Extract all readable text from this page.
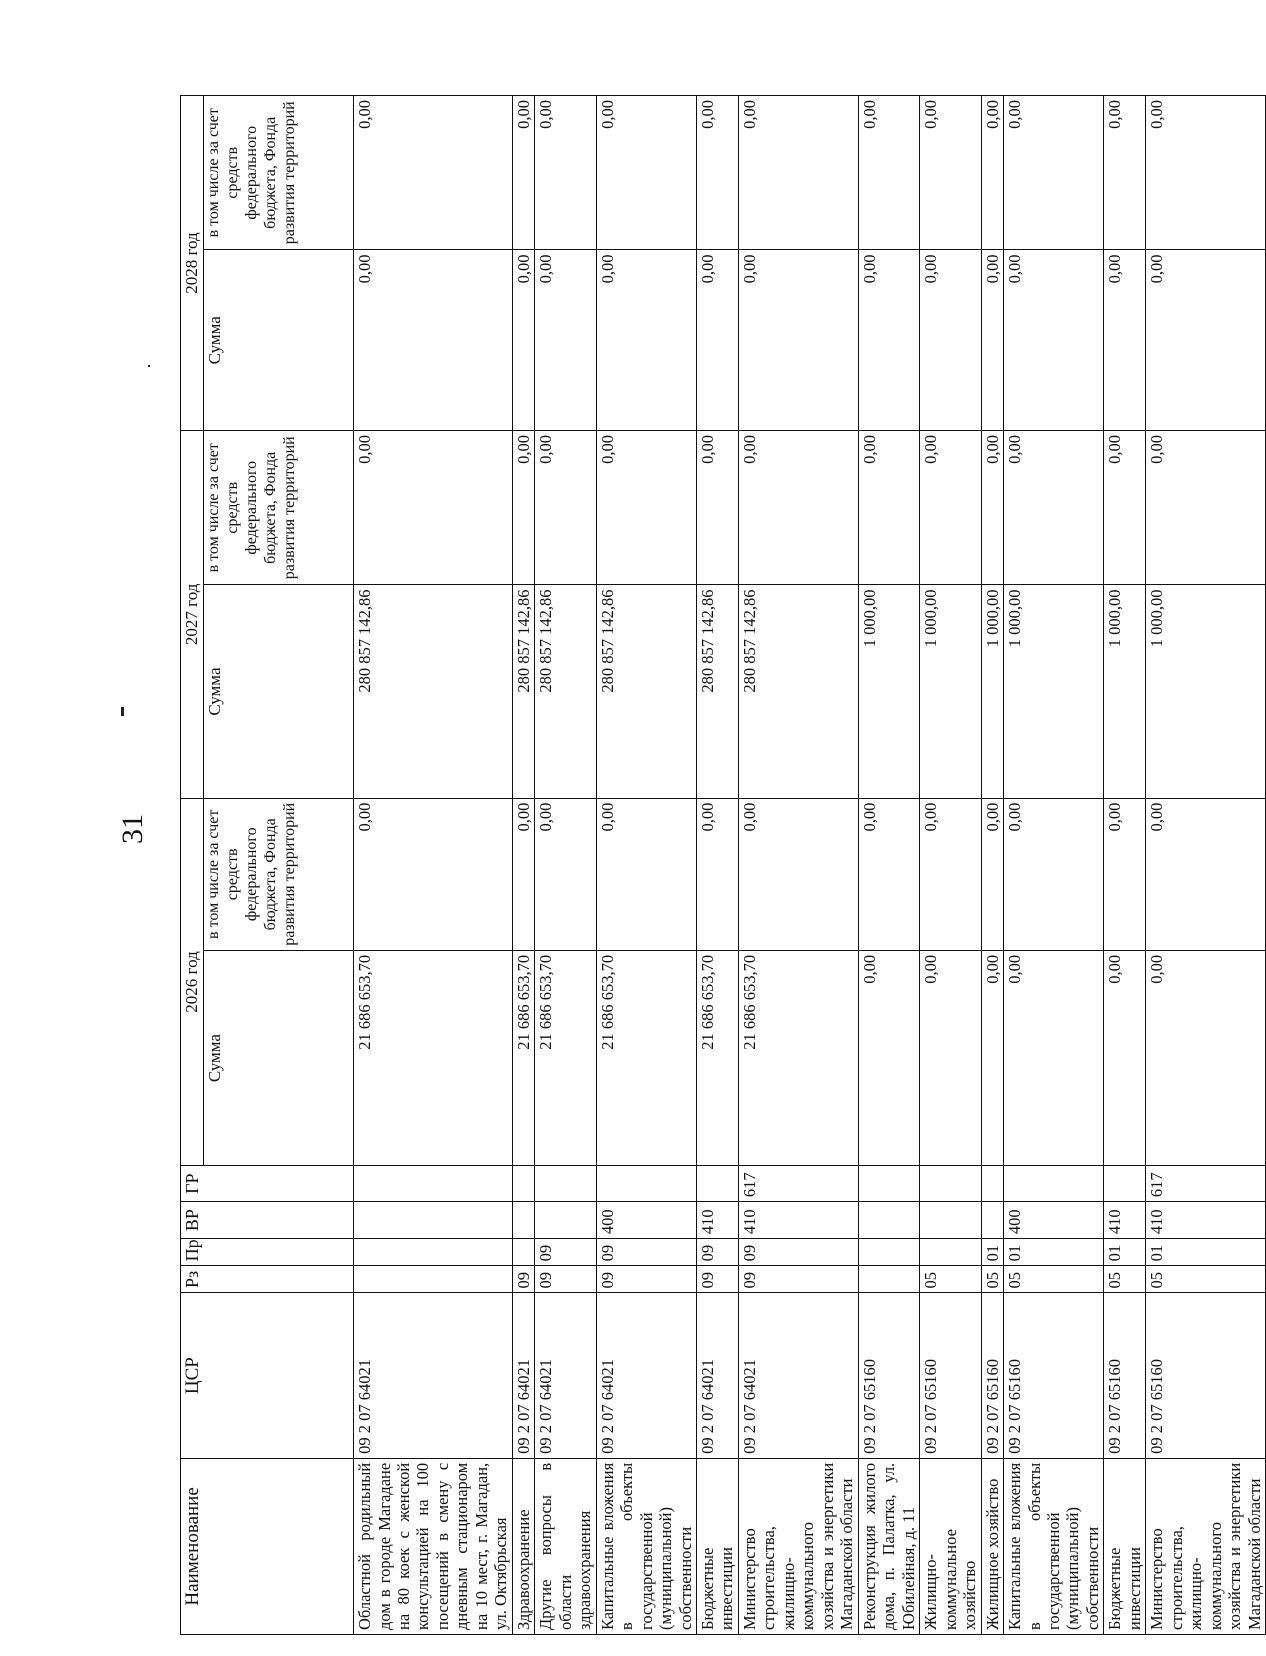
31
Наименование	ЦСР	Рз	Пр	ВР	ГР	2026 год		2027 год		2028 год	
						Сумма	в том числе за счет средств федерального бюджета, Фонда развития территорий	Сумма	в том числе за счет средств федерального бюджета, Фонда развития территорий	Сумма	в том числе за счет средств федерального бюджета, Фонда развития территорий
Областной родильный дом в городе Магадане на 80 коек с женской консультацией на 100 посещений в смену с дневным стационаром на 10 мест, г. Магадан, ул. Октябрьская	09 2 07 64021					21 686 653,70	0,00	280 857 142,86	0,00	0,00	0,00
Здравоохранение	09 2 07 64021	09				21 686 653,70	0,00	280 857 142,86	0,00	0,00	0,00
Другие вопросы в области здравоохранения	09 2 07 64021	09	09			21 686 653,70	0,00	280 857 142,86	0,00	0,00	0,00
Капитальные вложения в объекты государственной (муниципальной) собственности	09 2 07 64021	09	09	400		21 686 653,70	0,00	280 857 142,86	0,00	0,00	0,00
Бюджетные инвестиции	09 2 07 64021	09	09	410		21 686 653,70	0,00	280 857 142,86	0,00	0,00	0,00
Министерство строительства, жилищно-коммунального хозяйства и энергетики Магаданской области	09 2 07 64021	09	09	410	617	21 686 653,70	0,00	280 857 142,86	0,00	0,00	0,00
Реконструкция жилого дома, п. Палатка, ул. Юбилейная, д. 11	09 2 07 65160					0,00	0,00	1 000,00	0,00	0,00	0,00
Жилищно-коммунальное хозяйство	09 2 07 65160	05				0,00	0,00	1 000,00	0,00	0,00	0,00
Жилищное хозяйство	09 2 07 65160	05	01			0,00	0,00	1 000,00	0,00	0,00	0,00
Капитальные вложения в объекты государственной (муниципальной) собственности	09 2 07 65160	05	01	400		0,00	0,00	1 000,00	0,00	0,00	0,00
Бюджетные инвестиции	09 2 07 65160	05	01	410		0,00	0,00	1 000,00	0,00	0,00	0,00
Министерство строительства, жилищно-коммунального хозяйства и энергетики Магаданской области	09 2 07 65160	05	01	410	617	0,00	0,00	1 000,00	0,00	0,00	0,00
